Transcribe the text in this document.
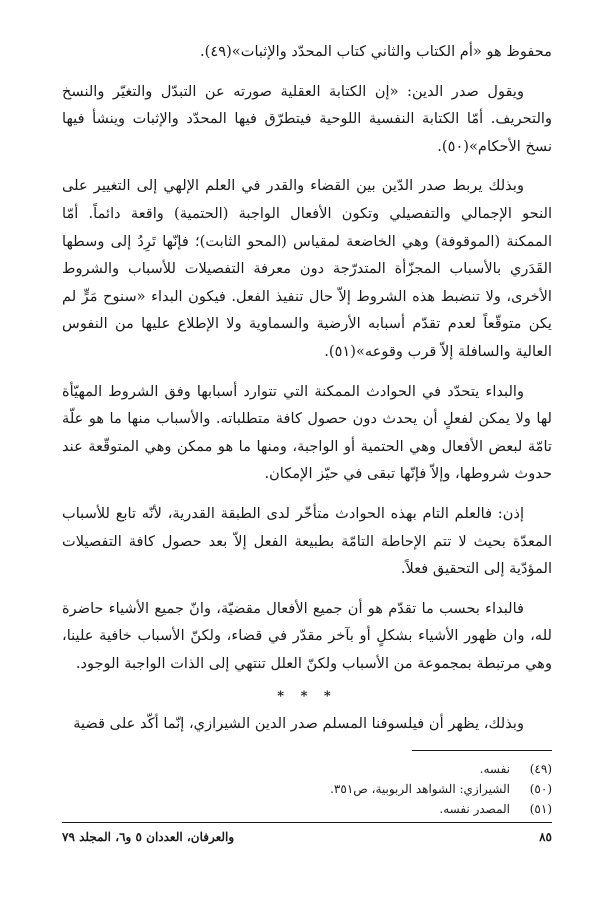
محفوظ هو «أم الكتاب والثاني كتاب المحدّد والإثبات»(٤٩).

ويقول صدر الدين: «إن الكتابة العقلية صورته عن التبدّل والتغيّر والنسخ والتحريف. أمّا الكتابة النفسية اللوحية فيتطرّق فيها المحدّد والإثبات وينشأ فيها نسخ الأحكام»(٥٠).

وبذلك يربط صدر الدّين بين القضاء والقدر في العلم الإلهي إلى التغيير على النحو الإجمالي والتفصيلي وتكون الأفعال الواجبة (الحتمية) واقعة دائماً. أمّا الممكنة (الموقوفة) وهي الخاضعة لمقياس (المحو الثابت)؛ فإنّها تَرِدُ إلى وسطها القَدَري بالأسباب المجزّأة المتدرّجة دون معرفة التفصيلات للأسباب والشروط الأخرى، ولا تنضبط هذه الشروط إلاّ حال تنفيذ الفعل. فيكون البداء «سنوح مَرٍّ لم يكن متوقّعاً لعدم تقدّم أسبابه الأرضية والسماوية ولا الإطلاع عليها من النفوس العالية والسافلة إلاّ قرب وقوعه»(٥١).

والبداء يتحدّد في الحوادث الممكنة التي تتوارد أسبابها وفق الشروط المهيّأة لها ولا يمكن لفعلٍ أن يحدث دون حصول كافة متطلباته. والأسباب منها ما هو علّة تامّة لبعض الأفعال وهي الحتمية أو الواجبة، ومنها ما هو ممكن وهي المتوقّعة عند حدوث شروطها، وإلاّ فإنّها تبقى في حيّز الإمكان.

إذن: فالعلم التام بهذه الحوادث متأخّر لدى الطبقة القدرية، لأنّه تابع للأسباب المعدّة بحيث لا تتم الإحاطة التامّة بطبيعة الفعل إلاّ بعد حصول كافة التفصيلات المؤدّية إلى التحقيق فعلاً.

فالبداء بحسب ما تقدّم هو أن جميع الأفعال مقضيّة، وانّ جميع الأشياء حاضرة لله، وان ظهور الأشياء بشكلٍ أو بآخر مقدّر في قضاء، ولكنّ الأسباب خافية علينا، وهي مرتبطة بمجموعة من الأسباب ولكنّ العلل تنتهي إلى الذات الواجبة الوجود.

* * *

وبذلك، يظهر أن فيلسوفنا المسلم صدر الدين الشيرازي، إنّما أكّد على قضية

(٤٩)
نفسه.
(٥٠)
الشيرازي: الشواهد الربوبية، ص٣٥١.
(٥١)
المصدر نفسه.
٨٥
والعرفان، العددان ٥ و٦، المجلد ٧٩
